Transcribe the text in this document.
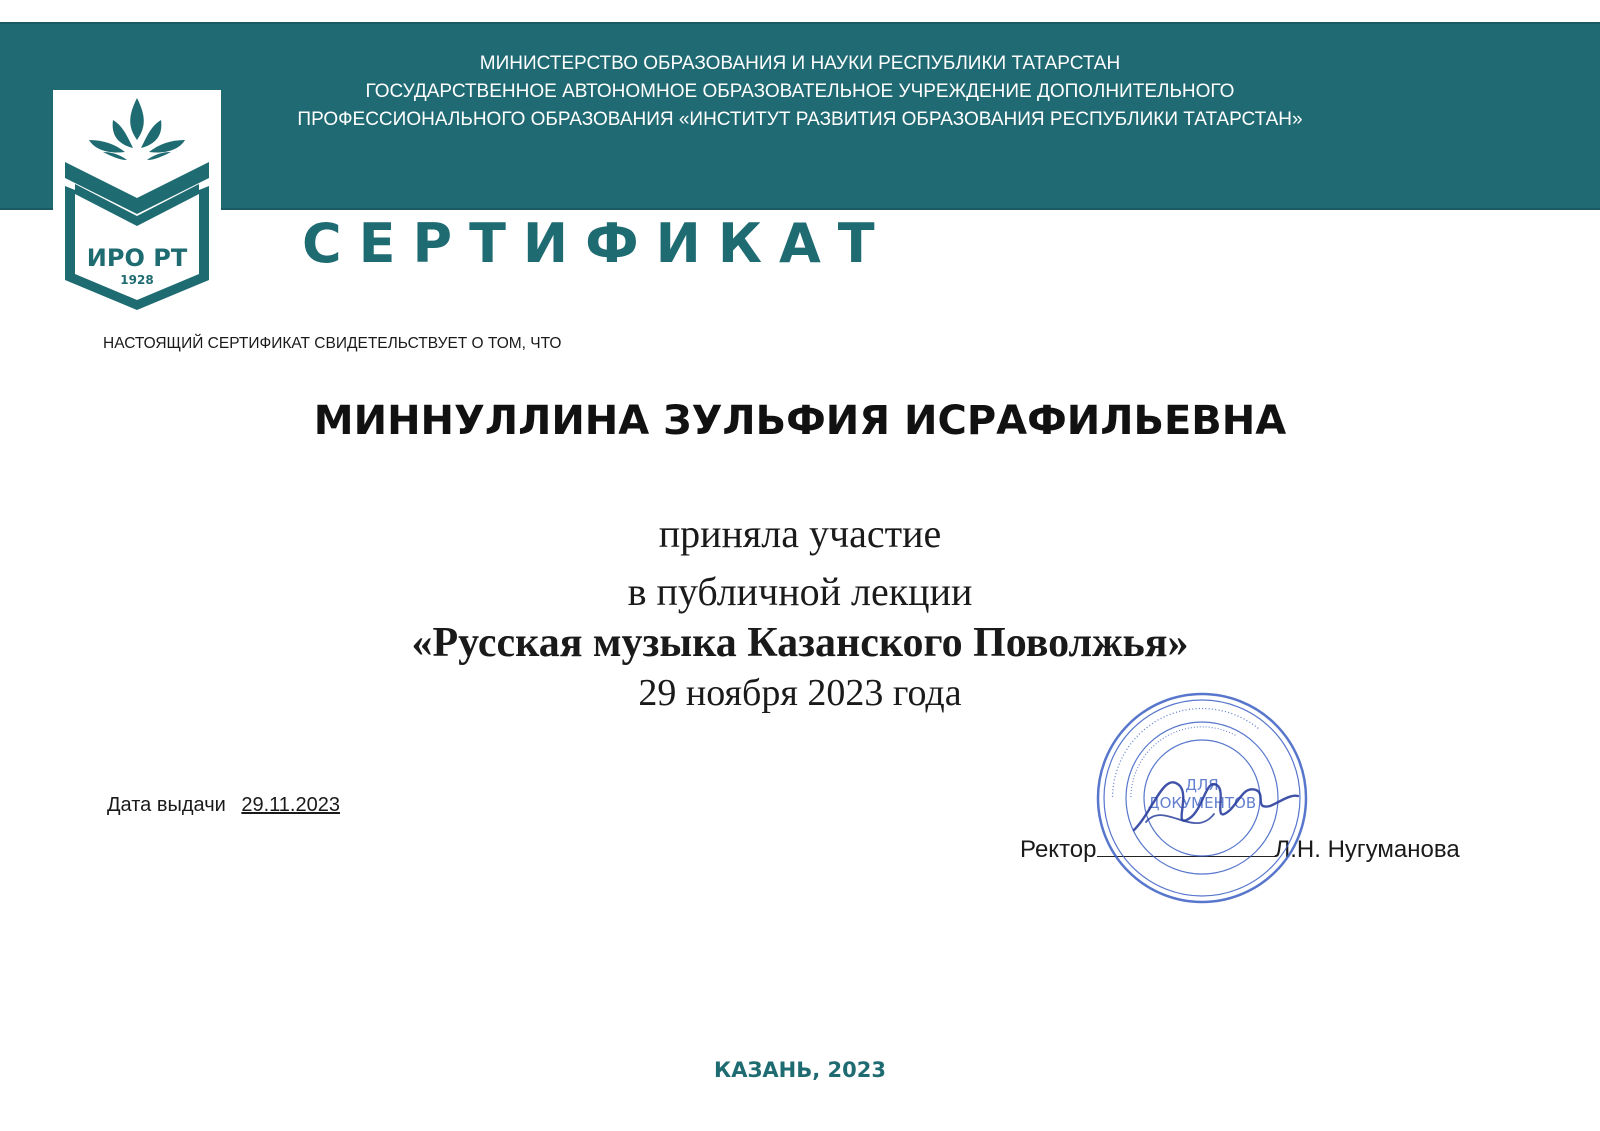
МИНИСТЕРСТВО ОБРАЗОВАНИЯ И НАУКИ РЕСПУБЛИКИ ТАТАРСТАН
ГОСУДАРСТВЕННОЕ АВТОНОМНОЕ ОБРАЗОВАТЕЛЬНОЕ УЧРЕЖДЕНИЕ ДОПОЛНИТЕЛЬНОГО
ПРОФЕССИОНАЛЬНОГО ОБРАЗОВАНИЯ «ИНСТИТУТ РАЗВИТИЯ ОБРАЗОВАНИЯ РЕСПУБЛИКИ ТАТАРСТАН»
ИРО РТ
1928
СЕРТИФИКАТ
НАСТОЯЩИЙ СЕРТИФИКАТ СВИДЕТЕЛЬСТВУЕТ О ТОМ, ЧТО
МИННУЛЛИНА ЗУЛЬФИЯ ИСРАФИЛЬЕВНА
приняла участие
в публичной лекции
«Русская музыка Казанского Поволжья»
29 ноября 2023 года
Дата выдачи 29.11.2023
Ректор	Л.Н. Нугуманова
·····························································
·················································
ДЛЯ
ДОКУМЕНТОВ
КАЗАНЬ, 2023
